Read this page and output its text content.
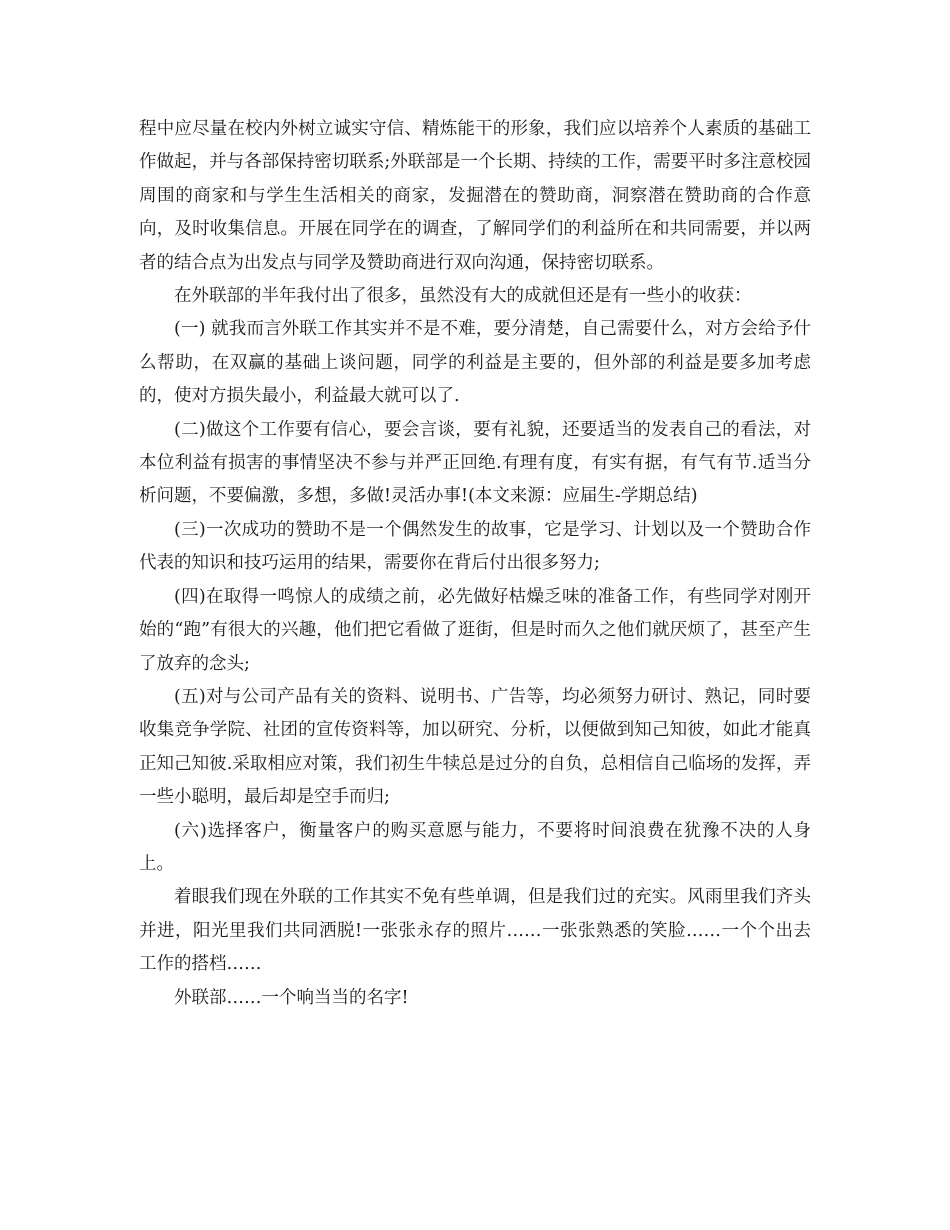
程中应尽量在校内外树立诚实守信、精炼能干的形象，我们应以培养个人素质的基础工作做起，并与各部保持密切联系;外联部是一个长期、持续的工作，需要平时多注意校园周围的商家和与学生生活相关的商家，发掘潜在的赞助商，洞察潜在赞助商的合作意向，及时收集信息。开展在同学在的调查，了解同学们的利益所在和共同需要，并以两者的结合点为出发点与同学及赞助商进行双向沟通，保持密切联系。

在外联部的半年我付出了很多，虽然没有大的成就但还是有一些小的收获：

(一) 就我而言外联工作其实并不是不难，要分清楚，自己需要什么，对方会给予什么帮助，在双赢的基础上谈问题，同学的利益是主要的，但外部的利益是要多加考虑的，使对方损失最小，利益最大就可以了.

(二)做这个工作要有信心，要会言谈，要有礼貌，还要适当的发表自己的看法，对本位利益有损害的事情坚决不参与并严正回绝.有理有度，有实有据，有气有节.适当分析问题，不要偏激，多想，多做!灵活办事!(本文来源：应届生-学期总结)

(三)一次成功的赞助不是一个偶然发生的故事，它是学习、计划以及一个赞助合作代表的知识和技巧运用的结果，需要你在背后付出很多努力;

(四)在取得一鸣惊人的成绩之前，必先做好枯燥乏味的准备工作，有些同学对刚开始的“跑”有很大的兴趣，他们把它看做了逛街，但是时而久之他们就厌烦了，甚至产生了放弃的念头;

(五)对与公司产品有关的资料、说明书、广告等，均必须努力研讨、熟记，同时要收集竞争学院、社团的宣传资料等，加以研究、分析，以便做到知己知彼，如此才能真正知己知彼.采取相应对策，我们初生牛犊总是过分的自负，总相信自己临场的发挥，弄一些小聪明，最后却是空手而归;

(六)选择客户，衡量客户的购买意愿与能力，不要将时间浪费在犹豫不决的人身上。

着眼我们现在外联的工作其实不免有些单调，但是我们过的充实。风雨里我们齐头并进，阳光里我们共同洒脱!一张张永存的照片……一张张熟悉的笑脸……一个个出去工作的搭档……

外联部……一个响当当的名字!
